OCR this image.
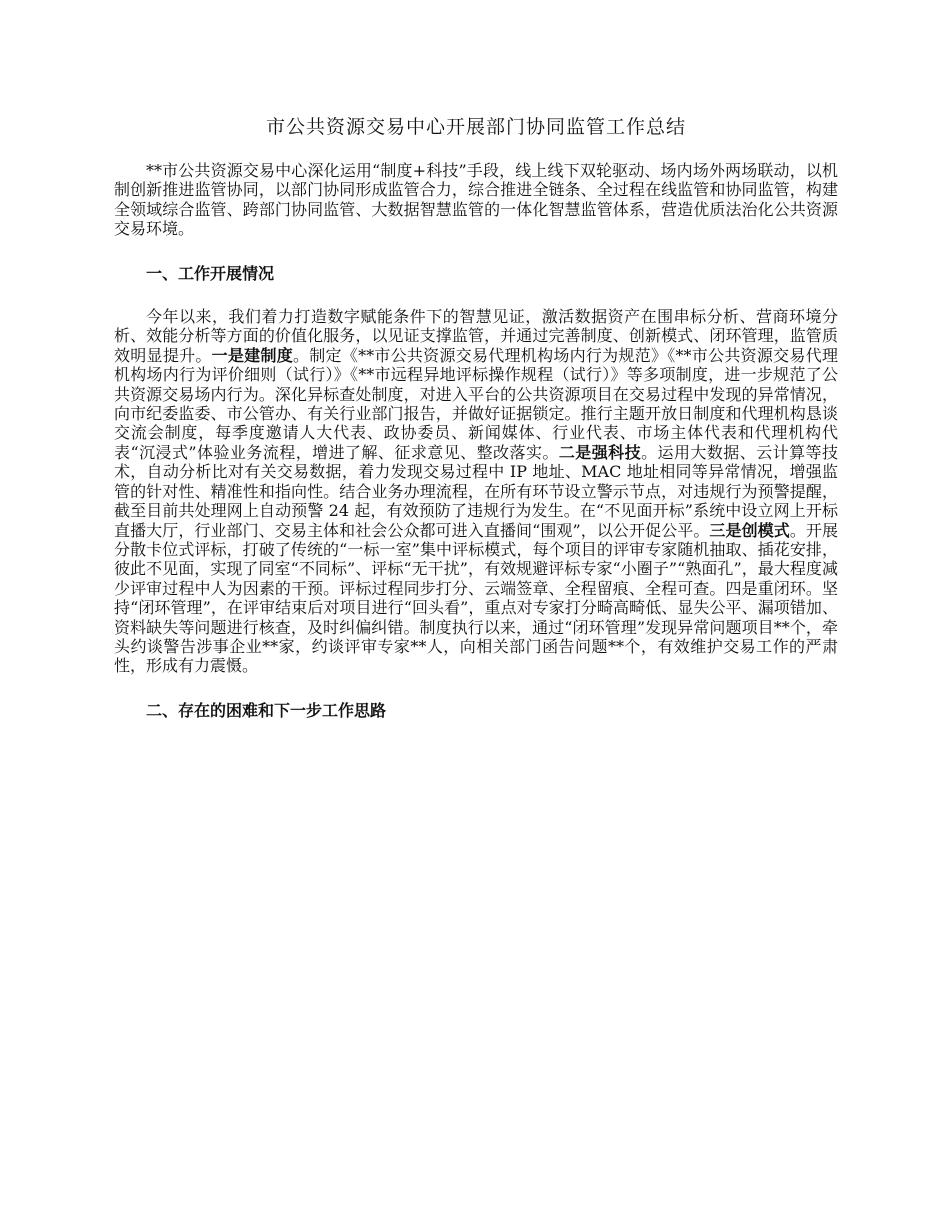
市公共资源交易中心开展部门协同监管工作总结

**市公共资源交易中心深化运用“制度+科技”手段，线上线下双轮驱动、场内场外两场联动，以机制创新推进监管协同，以部门协同形成监管合力，综合推进全链条、全过程在线监管和协同监管，构建全领域综合监管、跨部门协同监管、大数据智慧监管的一体化智慧监管体系，营造优质法治化公共资源交易环境。

一、工作开展情况

今年以来，我们着力打造数字赋能条件下的智慧见证，激活数据资产在围串标分析、营商环境分析、效能分析等方面的价值化服务，以见证支撑监管，并通过完善制度、创新模式、闭环管理，监管质效明显提升。一是建制度。制定《**市公共资源交易代理机构场内行为规范》《**市公共资源交易代理机构场内行为评价细则（试行）》《**市远程异地评标操作规程（试行）》等多项制度，进一步规范了公共资源交易场内行为。深化异标查处制度，对进入平台的公共资源项目在交易过程中发现的异常情况，向市纪委监委、市公管办、有关行业部门报告，并做好证据锁定。推行主题开放日制度和代理机构恳谈交流会制度，每季度邀请人大代表、政协委员、新闻媒体、行业代表、市场主体代表和代理机构代表“沉浸式”体验业务流程，增进了解、征求意见、整改落实。二是强科技。运用大数据、云计算等技术，自动分析比对有关交易数据，着力发现交易过程中 IP 地址、MAC 地址相同等异常情况，增强监管的针对性、精准性和指向性。结合业务办理流程，在所有环节设立警示节点，对违规行为预警提醒，截至目前共处理网上自动预警 24 起，有效预防了违规行为发生。在“不见面开标”系统中设立网上开标直播大厅，行业部门、交易主体和社会公众都可进入直播间“围观”，以公开促公平。三是创模式。开展分散卡位式评标，打破了传统的“一标一室”集中评标模式，每个项目的评审专家随机抽取、插花安排，彼此不见面，实现了同室“不同标”、评标“无干扰”，有效规避评标专家“小圈子”“熟面孔”，最大程度减少评审过程中人为因素的干预。评标过程同步打分、云端签章、全程留痕、全程可查。四是重闭环。坚持“闭环管理”，在评审结束后对项目进行“回头看”，重点对专家打分畸高畸低、显失公平、漏项错加、资料缺失等问题进行核查，及时纠偏纠错。制度执行以来，通过“闭环管理”发现异常问题项目**个，牵头约谈警告涉事企业**家，约谈评审专家**人，向相关部门函告问题**个，有效维护交易工作的严肃性，形成有力震慑。

二、存在的困难和下一步工作思路
